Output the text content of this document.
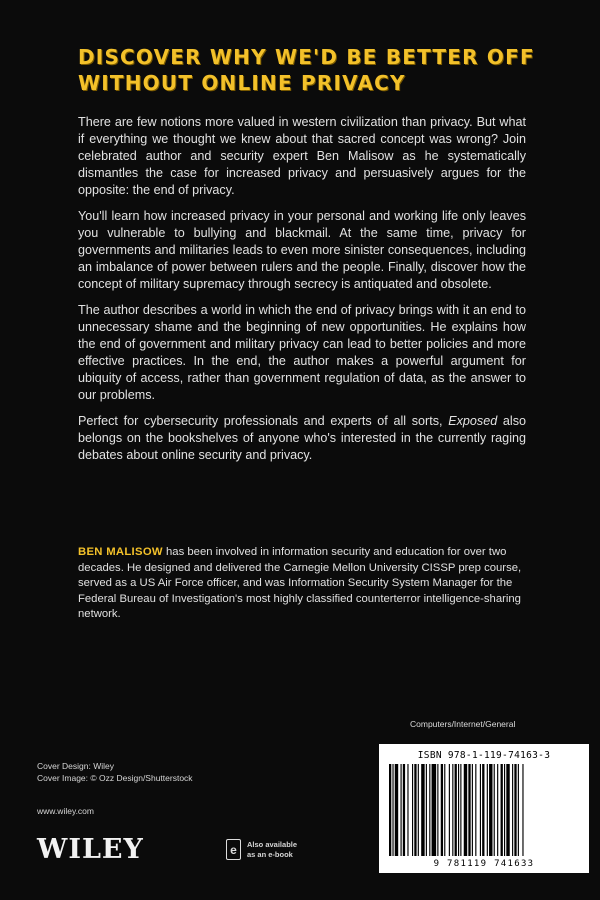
DISCOVER WHY WE'D BE BETTER OFF WITHOUT ONLINE PRIVACY

There are few notions more valued in western civilization than privacy. But what if everything we thought we knew about that sacred concept was wrong? Join celebrated author and security expert Ben Malisow as he systematically dismantles the case for increased privacy and persuasively argues for the opposite: the end of privacy.

You'll learn how increased privacy in your personal and working life only leaves you vulnerable to bullying and blackmail. At the same time, privacy for governments and militaries leads to even more sinister consequences, including an imbalance of power between rulers and the people. Finally, discover how the concept of military supremacy through secrecy is antiquated and obsolete.

The author describes a world in which the end of privacy brings with it an end to unnecessary shame and the beginning of new opportunities. He explains how the end of government and military privacy can lead to better policies and more effective practices. In the end, the author makes a powerful argument for ubiquity of access, rather than government regulation of data, as the answer to our problems.

Perfect for cybersecurity professionals and experts of all sorts, Exposed also belongs on the bookshelves of anyone who's interested in the currently raging debates about online security and privacy.

BEN MALISOW has been involved in information security and education for over two decades. He designed and delivered the Carnegie Mellon University CISSP prep course, served as a US Air Force officer, and was Information Security System Manager for the Federal Bureau of Investigation's most highly classified counterterror intelligence-sharing network.
Computers/Internet/General
Cover Design: Wiley
Cover Image: © Ozz Design/Shutterstock
www.wiley.com
WILEY	e	Also available
as an e-book
ISBN 978-1-119-74163-3
9 781119 741633
